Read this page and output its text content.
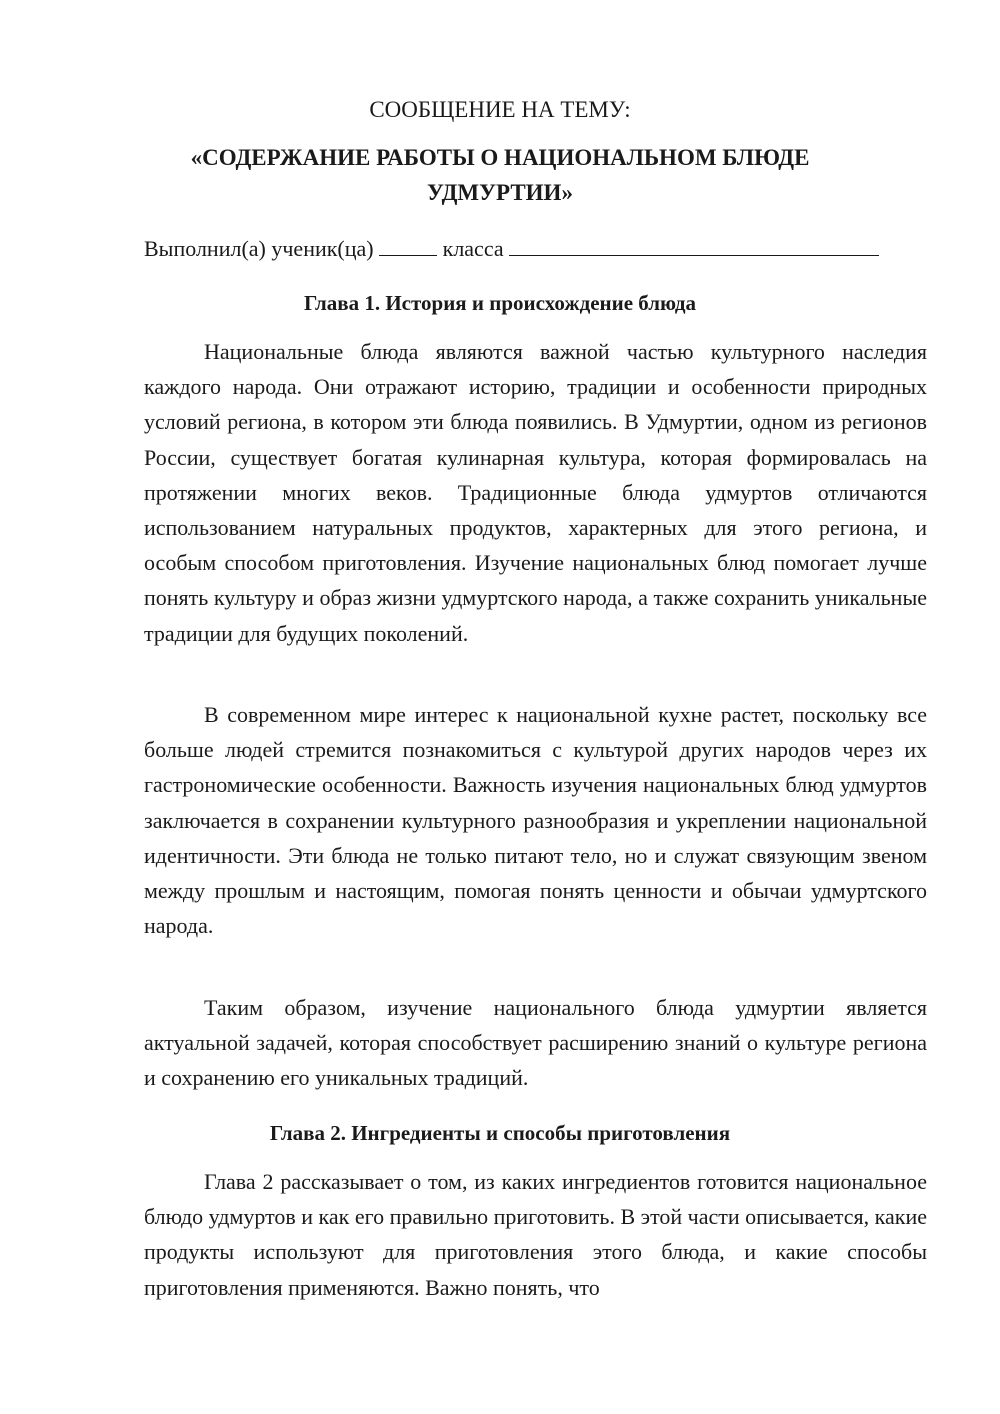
СООБЩЕНИЕ НА ТЕМУ:
«СОДЕРЖАНИЕ РАБОТЫ О НАЦИОНАЛЬНОМ БЛЮДЕ
УДМУРТИИ»
Выполнил(а) ученик(ца)	класса
Глава 1. История и происхождение блюда

Национальные блюда являются важной частью культурного наследия каждого народа. Они отражают историю, традиции и особенности природных условий региона, в котором эти блюда появились. В Удмуртии, одном из регионов России, существует богатая кулинарная культура, которая формировалась на протяжении многих веков. Традиционные блюда удмуртов отличаются использованием натуральных продуктов, характерных для этого региона, и особым способом приготовления. Изучение национальных блюд помогает лучше понять культуру и образ жизни удмуртского народа, а также сохранить уникальные традиции для будущих поколений.

В современном мире интерес к национальной кухне растет, поскольку все больше людей стремится познакомиться с культурой других народов через их гастрономические особенности. Важность изучения национальных блюд удмуртов заключается в сохранении культурного разнообразия и укреплении национальной идентичности. Эти блюда не только питают тело, но и служат связующим звеном между прошлым и настоящим, помогая понять ценности и обычаи удмуртского народа.

Таким образом, изучение национального блюда удмуртии является актуальной задачей, которая способствует расширению знаний о культуре региона и сохранению его уникальных традиций.

Глава 2. Ингредиенты и способы приготовления

Глава 2 рассказывает о том, из каких ингредиентов готовится национальное блюдо удмуртов и как его правильно приготовить. В этой части описывается, какие продукты используют для приготовления этого блюда, и какие способы приготовления применяются. Важно понять, что
